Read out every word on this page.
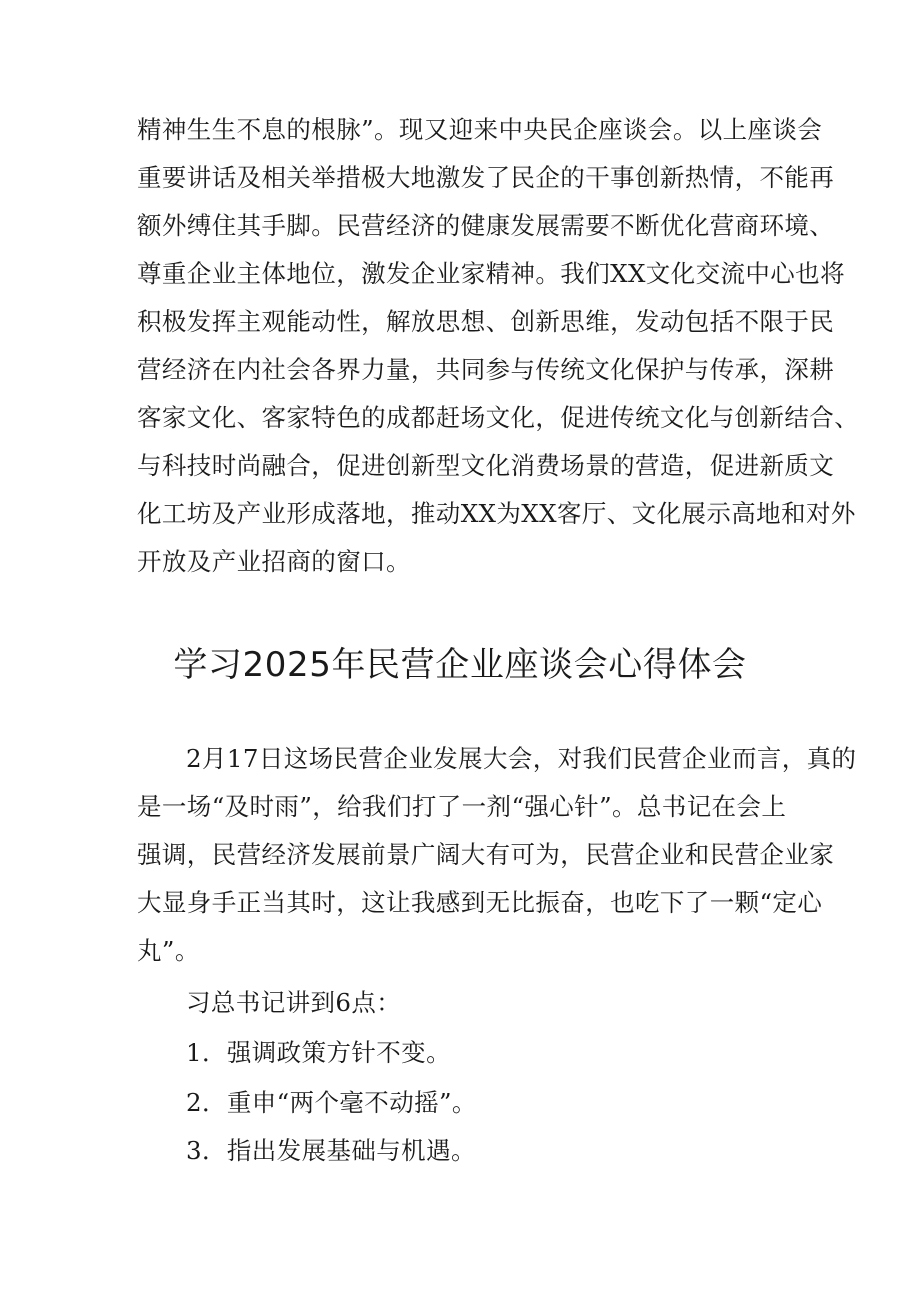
精神生生不息的根脉”。现又迎来中央民企座谈会。以上座谈会
重要讲话及相关举措极大地激发了民企的干事创新热情，不能再
额外缚住其手脚。民营经济的健康发展需要不断优化营商环境、
尊重企业主体地位，激发企业家精神。我们XX文化交流中心也将
积极发挥主观能动性，解放思想、创新思维，发动包括不限于民
营经济在内社会各界力量，共同参与传统文化保护与传承，深耕
客家文化、客家特色的成都赶场文化，促进传统文化与创新结合、
与科技时尚融合，促进创新型文化消费场景的营造，促进新质文
化工坊及产业形成落地，推动XX为XX客厅、文化展示高地和对外
开放及产业招商的窗口。
学习2025年民营企业座谈会心得体会
2月17日这场民营企业发展大会，对我们民营企业而言，真的
是一场“及时雨”，给我们打了一剂“强心针”。总书记在会上
强调，民营经济发展前景广阔大有可为，民营企业和民营企业家
大显身手正当其时，这让我感到无比振奋，也吃下了一颗“定心
丸”。
习总书记讲到6点：
1．强调政策方针不变。
2．重申“两个毫不动摇”。
3．指出发展基础与机遇。
